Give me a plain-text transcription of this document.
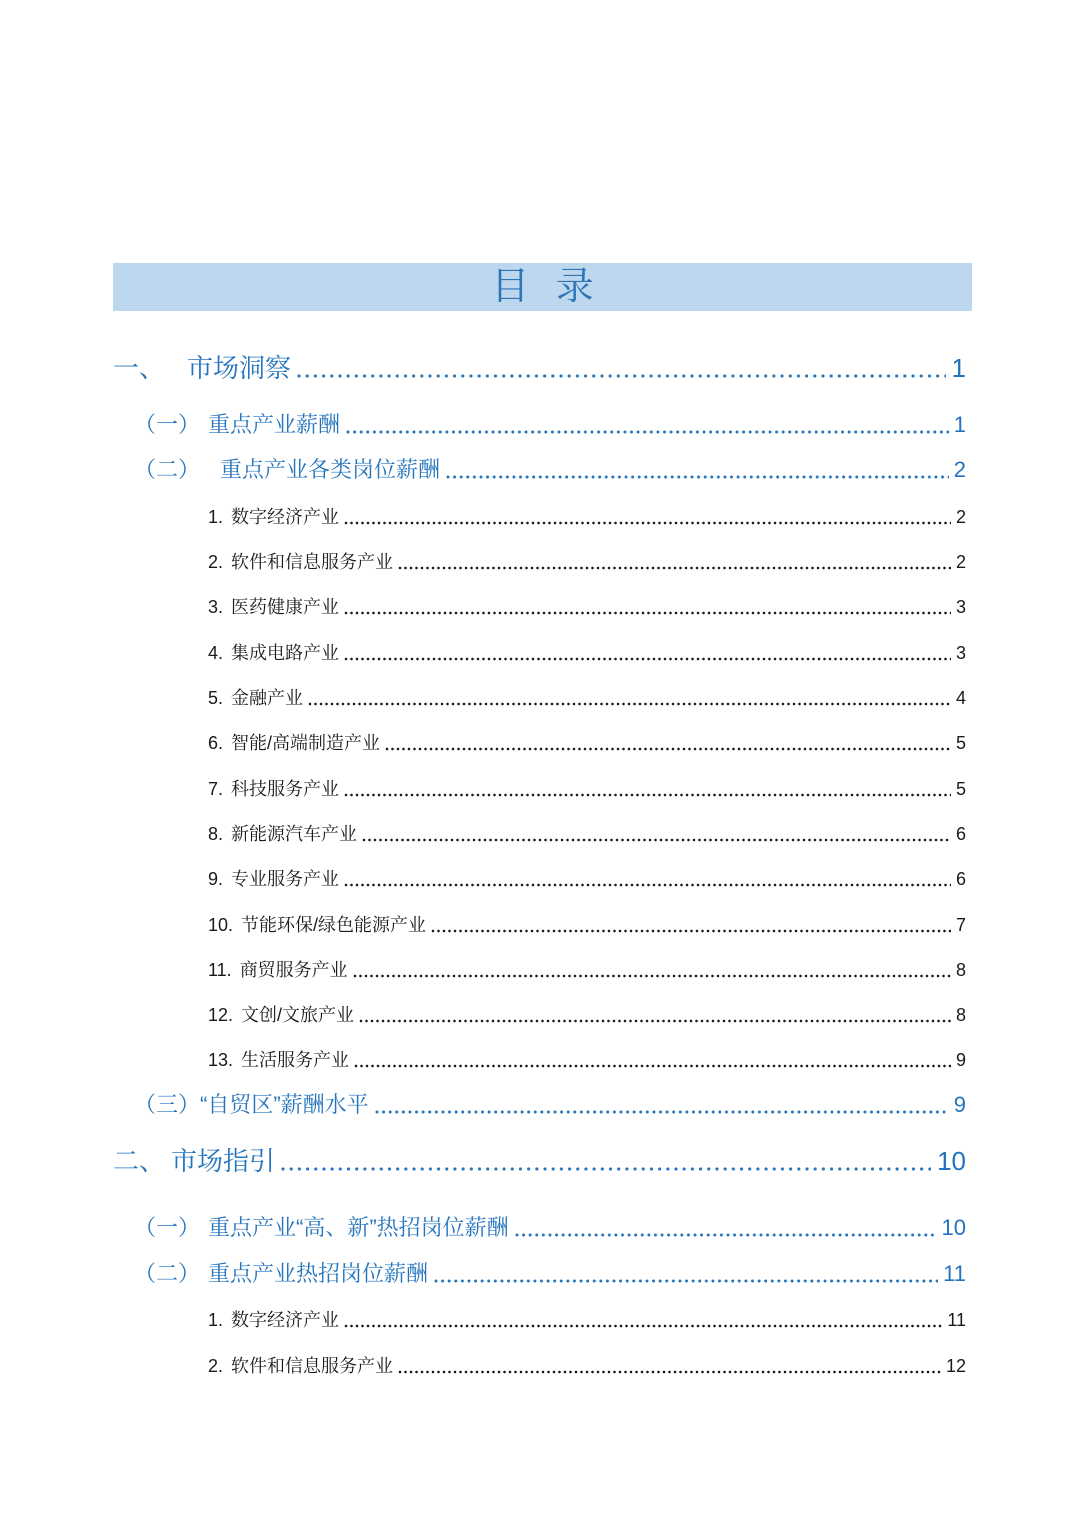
目 录
一、 市场洞察	1
（一） 重点产业薪酬	1
（二） 重点产业各类岗位薪酬	2
1. 数字经济产业	2
2. 软件和信息服务产业	2
3. 医药健康产业	3
4. 集成电路产业	3
5. 金融产业	4
6. 智能/高端制造产业	5
7. 科技服务产业	5
8. 新能源汽车产业	6
9. 专业服务产业	6
10. 节能环保/绿色能源产业	7
11. 商贸服务产业	8
12. 文创/文旅产业	8
13. 生活服务产业	9
（三） “自贸区”薪酬水平	9
二、 市场指引	10
（一） 重点产业“高、新”热招岗位薪酬	10
（二） 重点产业热招岗位薪酬	11
1. 数字经济产业	11
2. 软件和信息服务产业	12
